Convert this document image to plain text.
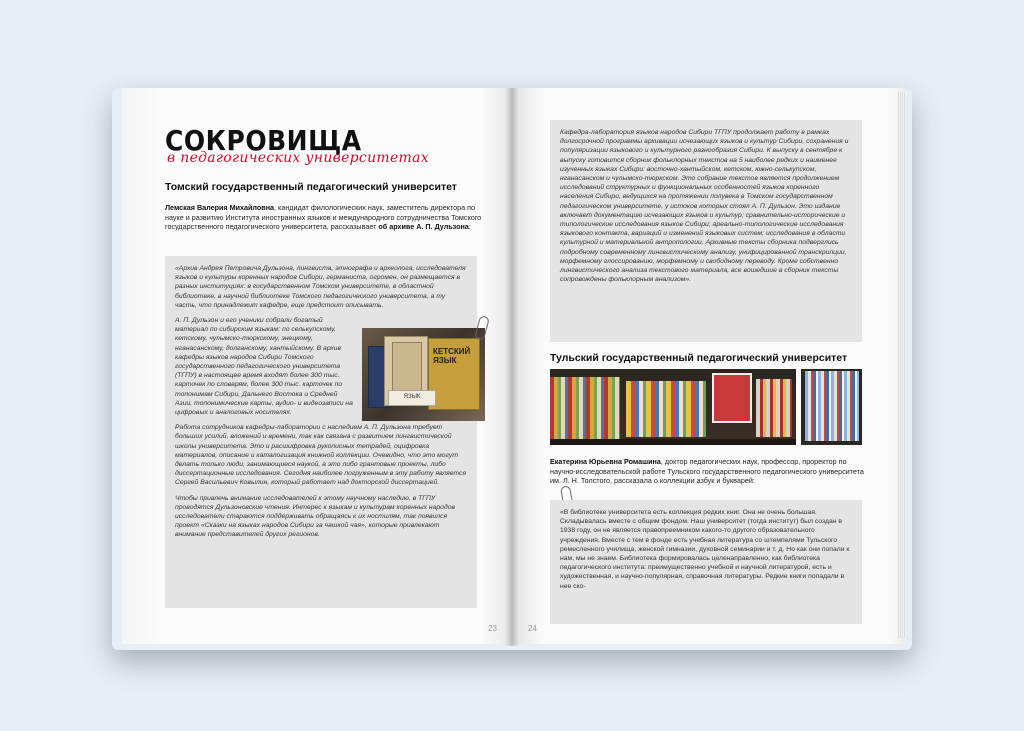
СОКРОВИЩА
в педагогических университетах
Томский государственный педагогический университет
Лемская Валерия Михайловна, кандидат филологических наук, заместитель директора по науке и развитию Института иностранных языков и международного сотрудничества Томского государственного педагогического университета, рассказывает об архиве А. П. Дульзона:

«Архив Андрея Петровича Дульзона, лингвиста, этнографа и археолога, исследователя языков и культуры коренных народов Сибири, германиста, огромен, он размещается в разных институциях: в государственном Томском университете, в областной библиотеке, в научной библиотеке Томского педагогического университета, а ту часть, что принадлежит кафедре, еще предстоит описывать.

А. П. Дульзон и его ученики собрали богатый материал по сибирским языкам: по селькупскому, кетскому, чулымско-тюркскому, энецкому, нганасанскому, долганскому, хантыйскому. В архив кафедры языков народов Сибири Томского государственного педагогического университета (ТГПУ) в настоящее время входят более 300 тыс. карточек по словарям, более 300 тыс. карточек по топонимам Сибири, Дальнего Востока и Средней Азии, топонимические карты, аудио- и видеозаписи на цифровых и аналоговых носителях.

Работа сотрудников кафедры-лаборатории с наследием А. П. Дульзона требует больших усилий, вложений и времени, так как связана с развитием лингвистической школы университета. Это и расшифровка рукописных тетрадей, оцифровка материалов, описание и каталогизация книжной коллекции. Очевидно, что это могут делать только люди, занимающиеся наукой, а это либо грантовые проекты, либо диссертационные исследования. Сегодня наиболее погруженным в эту работу является Сергей Васильевич Ковылин, который работает над докторской диссертацией.

Чтобы привлечь внимание исследователей к этому научному наследию, в ТГПУ проводятся Дульзоновские чтения. Интерес к языкам и культурам коренных народов исследователи стараются поддерживать обращаясь к их ностилям, так появился проект «Сказки на языках народов Сибири за чашкой чая», которые привлекают внимание представителей других регионов.

КЕТСКИЙ ЯЗЫК
ЯЗЫК
23

Кафедра-лаборатория языков народов Сибири ТГПУ продолжает работу в рамках долгосрочной программы архивации исчезающих языков и культур Сибири, сохранения и популяризации языкового и культурного разнообразия Сибири. К выпуску в сентябре к выпуску готовится сборник фольклорных текстов на 5 наиболее редких и наименее изученных языках Сибири: восточно-хантыйском, кетском, южно-селькупском, нганасанском и чулымско-тюркском. Это собрание текстов является продолжением исследований структурных и функциональных особенностей языков коренного населения Сибири, ведущихся на протяжении полувека в Томском государственном педагогическом университете, у истоков которых стоял А. П. Дульзон. Это издание включает документацию исчезающих языков и культур; сравнительно-исторические и типологические исследования языков Сибири; ареально-типологические исследования языкового контакта, вариаций и изменений языковых систем; исследования в области культурной и материальной антропологии. Архивные тексты сборника подверглись подробному современному лингвистическому анализу, унифицированной транскрипции, морфемному глоссированию, морфемному и свободному переводу. Кроме собственно лингвистического анализа текстового материала, все вошедшие в сборник тексты сопровождены фольклорным анализом».

Тульский государственный педагогический университет
Екатерина Юрьевна Ромашина, доктор педагогических наук, профессор, проректор по научно-исследовательской работе Тульского государственного педагогического университета им. Л. Н. Толстого, рассказала о коллекции азбук и букварей:

«В библиотеке университета есть коллекция редких книг. Она не очень большая. Складывалась вместе с общим фондом. Наш университет (тогда институт) был создан в 1938 году, он не является правопреемником какого-то другого образовательного учреждения. Вместе с тем в фонде есть учебная литература со штемпелями Тульского ремесленного училища, женской гимназии, духовной семинарии и т. д. Но как они попали к нам, мы не знаем. Библиотека формировалась целенаправленно, как библиотека педагогического института: преимущественно учебной и научной литературой, есть и художественная, и научно-популярная, справочная литературы. Редкие книги попадали в нее ско-

24
